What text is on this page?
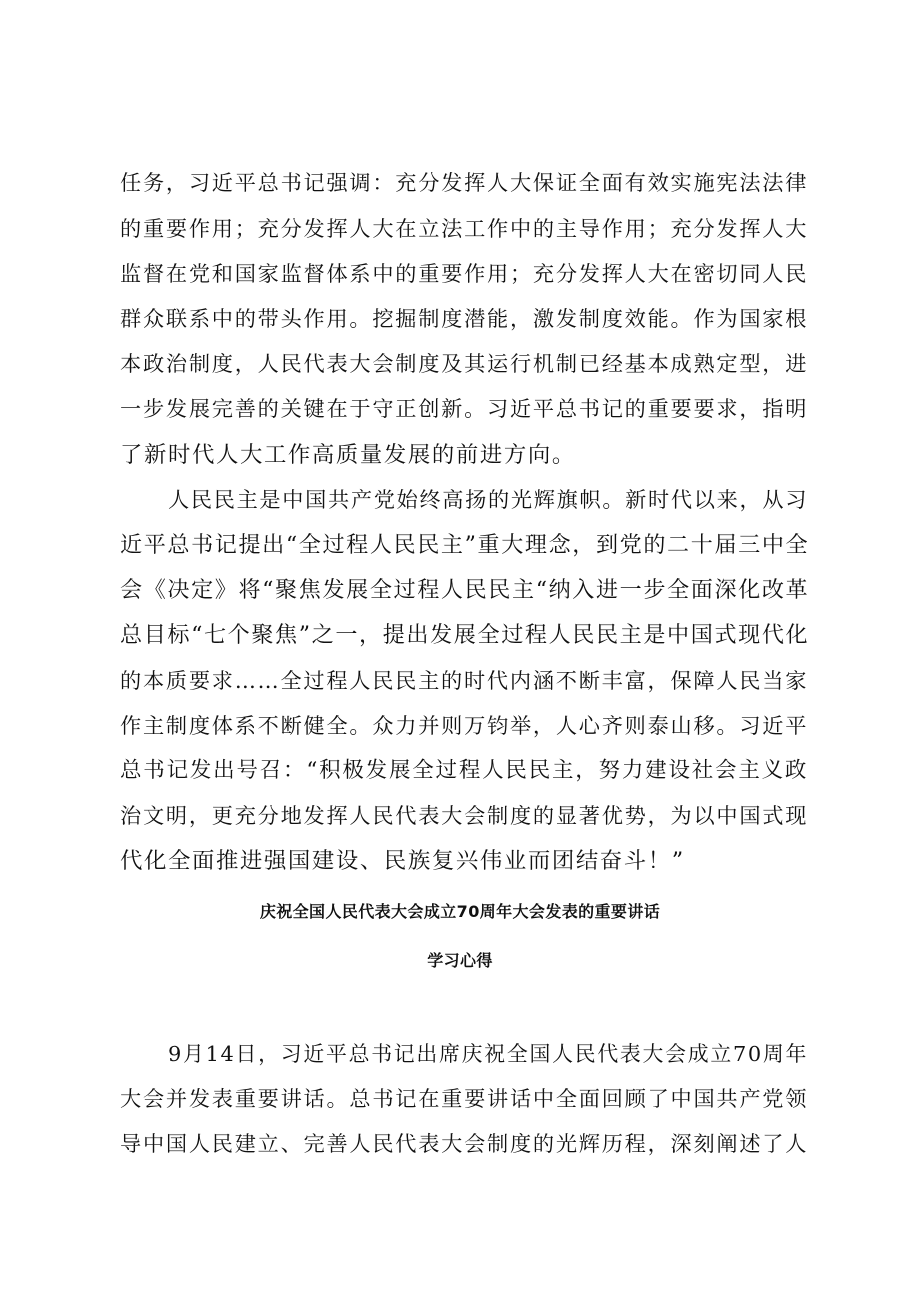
任务，习近平总书记强调：充分发挥人大保证全面有效实施宪法法律
的重要作用；充分发挥人大在立法工作中的主导作用；充分发挥人大
监督在党和国家监督体系中的重要作用；充分发挥人大在密切同人民
群众联系中的带头作用。挖掘制度潜能，激发制度效能。作为国家根
本政治制度，人民代表大会制度及其运行机制已经基本成熟定型，进
一步发展完善的关键在于守正创新。习近平总书记的重要要求，指明
了新时代人大工作高质量发展的前进方向。
人民民主是中国共产党始终高扬的光辉旗帜。新时代以来，从习
近平总书记提出“全过程人民民主”重大理念，到党的二十届三中全
会《决定》将“聚焦发展全过程人民民主“纳入进一步全面深化改革
总目标“七个聚焦”之一，提出发展全过程人民民主是中国式现代化
的本质要求……全过程人民民主的时代内涵不断丰富，保障人民当家
作主制度体系不断健全。众力并则万钧举，人心齐则泰山移。习近平
总书记发出号召：“积极发展全过程人民民主，努力建设社会主义政
治文明，更充分地发挥人民代表大会制度的显著优势，为以中国式现
代化全面推进强国建设、民族复兴伟业而团结奋斗！”
庆祝全国人民代表大会成立70周年大会发表的重要讲话
学习心得
9月14日，习近平总书记出席庆祝全国人民代表大会成立70周年
大会并发表重要讲话。总书记在重要讲话中全面回顾了中国共产党领
导中国人民建立、完善人民代表大会制度的光辉历程，深刻阐述了人
